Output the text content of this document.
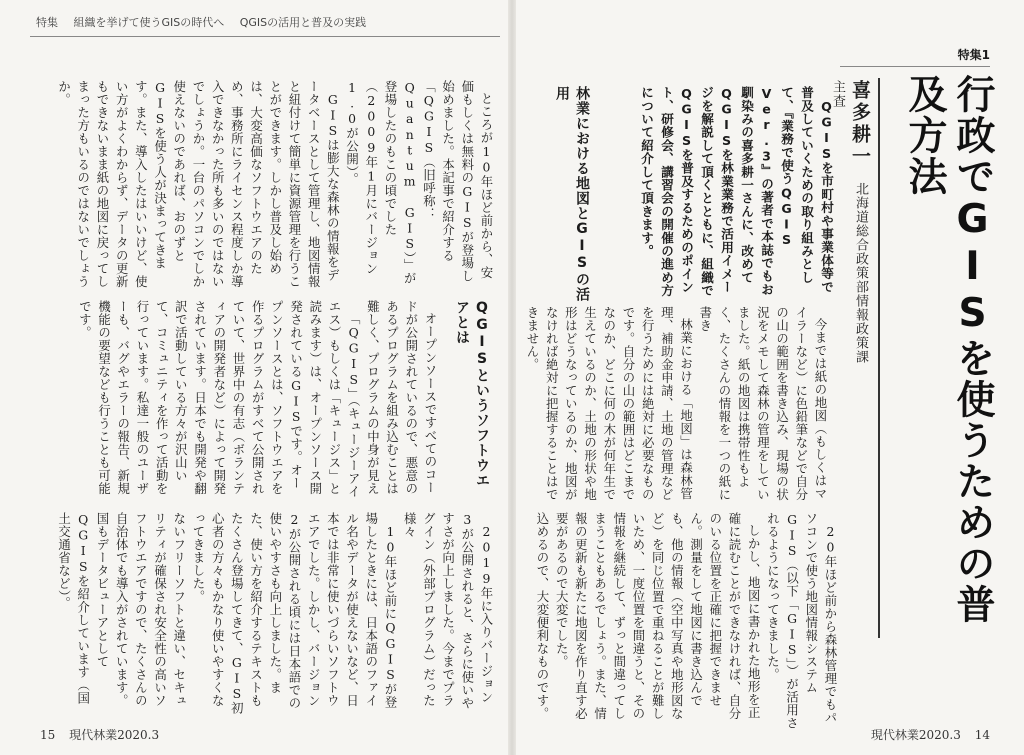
特集 組織を挙げて使うGISの時代へ QGISの活用と普及の実践
特集1
行政でGISを使うための普及方法
喜多耕一北海道総合政策部情報政策課主査

QGISを市町村や事業体等で普及していくための取り組みとして、『業務で使うQGIS Ver.3』の著者で本誌でもお馴染みの喜多耕一さんに、改めてQGISを林業業務で活用イメージを解説して頂くとともに、組織でQGISを普及するためのポイント、研修会、講習会の開催の進め方について紹介して頂きます。

林業における地図とGISの活用

今までは紙の地図（もしくはマイラーなど）に色鉛筆などで自分の山の範囲を書き込み、現場の状況をメモして森林の管理をしていました。紙の地図は携帯性もよく、たくさんの情報を一つの紙に書き

林業における「地図」は森林管理、補助金申請、土地の管理などを行うためには絶対に必要なものです。自分の山の範囲はどこまでなのか、どこに何の木が何年生で生えているのか、土地の形状や地形はどうなっているのか、地図がなければ絶対に把握することはできません。

20年ほど前から森林管理でもパソコンで使う地図情報システムGIS（以下「GIS」）が活用されるようになってきました。

しかし、地図に書かれた地形を正確に読むことができなければ、自分のいる位置を正確に把握できません。測量をして地図に書き込んでも、他の情報（空中写真や地形図など）を同じ位置で重ねることが難しいため、一度位置を間違うと、その情報を継続して、ずっと間違ってしまうこともあるでしょう。また、情報の更新も新たに地図を作り直す必要があるので大変でした。

込めるので、大変便利なものです。

ところが10年ほど前から、安価もしくは無料のGISが登場し始めました。本記事で紹介する「QGIS（旧呼称：Quantum GIS）」が登場したのもこの頃でした（2009年1月にバージョン1.0が公開）。

GISは膨大な森林の情報をデータベースとして管理し、地図情報と紐付けて簡単に資源管理を行うことができます。しかし普及し始めは、大変高価なソフトウエアのため、事務所にライセンス程度しか導入できなかった所も多いのではないでしょうか。一台のパソコンでしか使えないのであれば、おのずとGISを使う人が決まってきます。また、導入したはいいけど、使い方がよくわからず、データの更新もできないまま紙の地図に戻ってしまった方もいるのではないでしょうか。

QGISというソフトウエアとは

オープンソースですべてのコードが公開されているので、悪意のあるプログラムを組み込むことは難しく、プログラムの中身が見え

「QGIS」（キュージーアイエス）もしくは「キュージス」と読みます）は、オープンソース開発されているGISです。オープンソースとは、ソフトウエアを作るプログラムがすべて公開されていて、世界中の有志（ボランティアの開発者など）によって開発されています。日本でも開発や翻訳で活動している方々が沢山いて、コミュニティを作って活動を行っています。私達一般のユーザーも、バグやエラーの報告、新規機能の要望なども行うことも可能です。

2019年に入りバージョン3が公開されると、さらに使いやすさが向上しました。今までプラグイン（外部プログラム）だった様々

10年ほど前にQGISが登場したときには、日本語のファイル名やデータが使えないなど、日本では非常に使いづらいソフトウエアでした。しかし、バージョン2が公開される頃には日本語での使いやすさも向上しました。また、使い方を紹介するテキストもたくさん登場してきて、GIS初心者の方々もかなり使いやすくなってきました。

ないフリーソフトと違い、セキュリティが確保され安全性の高いソフトウエアですので、たくさんの自治体でも導入がされています。国もデータビューアとしてQGISを紹介しています（国土交通省など）。

15 現代林業2020.3	現代林業2020.3 14
